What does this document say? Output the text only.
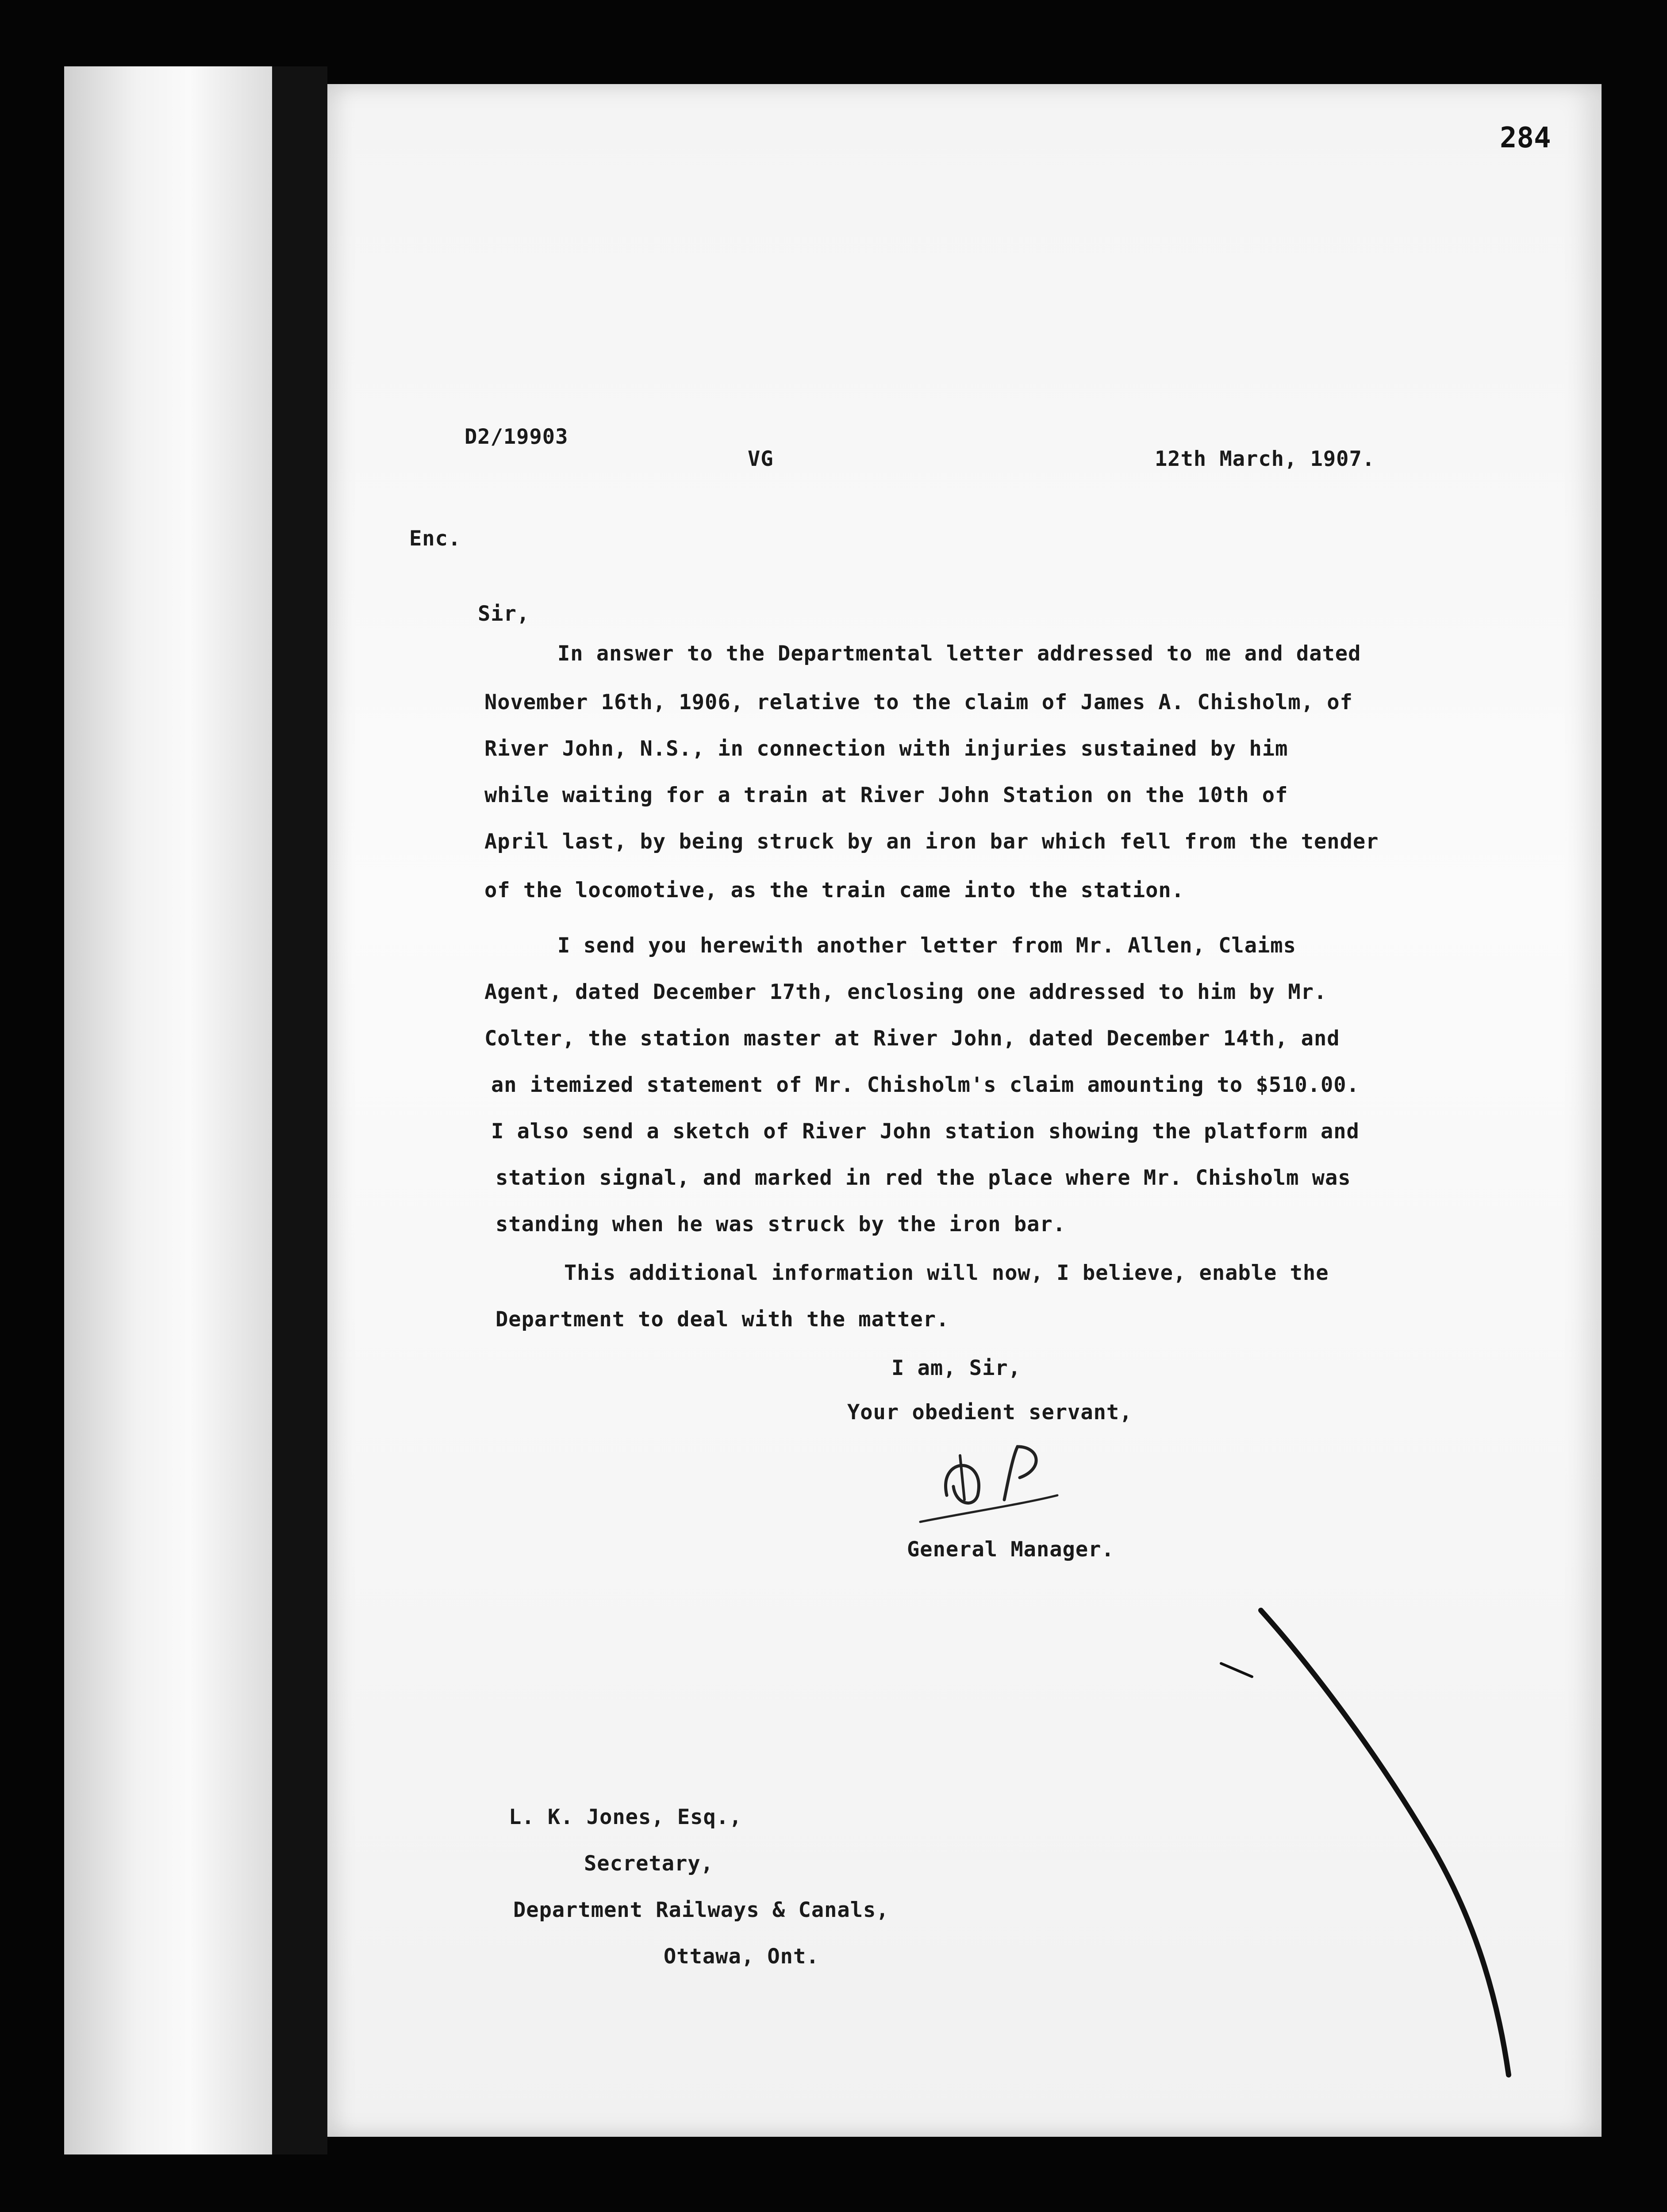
284
D2/19903
VG	12th March, 1907.
Enc.
Sir,
In answer to the Departmental letter addressed to me and dated
November 16th, 1906, relative to the claim of James A. Chisholm, of
River John, N.S., in connection with injuries sustained by him
while waiting for a train at River John Station on the 10th of
April last, by being struck by an iron bar which fell from the tender
of the locomotive, as the train came into the station.
I send you herewith another letter from Mr. Allen, Claims
Agent, dated December 17th, enclosing one addressed to him by Mr.
Colter, the station master at River John, dated December 14th, and
an itemized statement of Mr. Chisholm's claim amounting to $510.00.
I also send a sketch of River John station showing the platform and
station signal, and marked in red the place where Mr. Chisholm was
standing when he was struck by the iron bar.
This additional information will now, I believe, enable the
Department to deal with the matter.
I am, Sir,
Your obedient servant,
General Manager.
L. K. Jones, Esq.,
Secretary,
Department Railways & Canals,
Ottawa, Ont.
